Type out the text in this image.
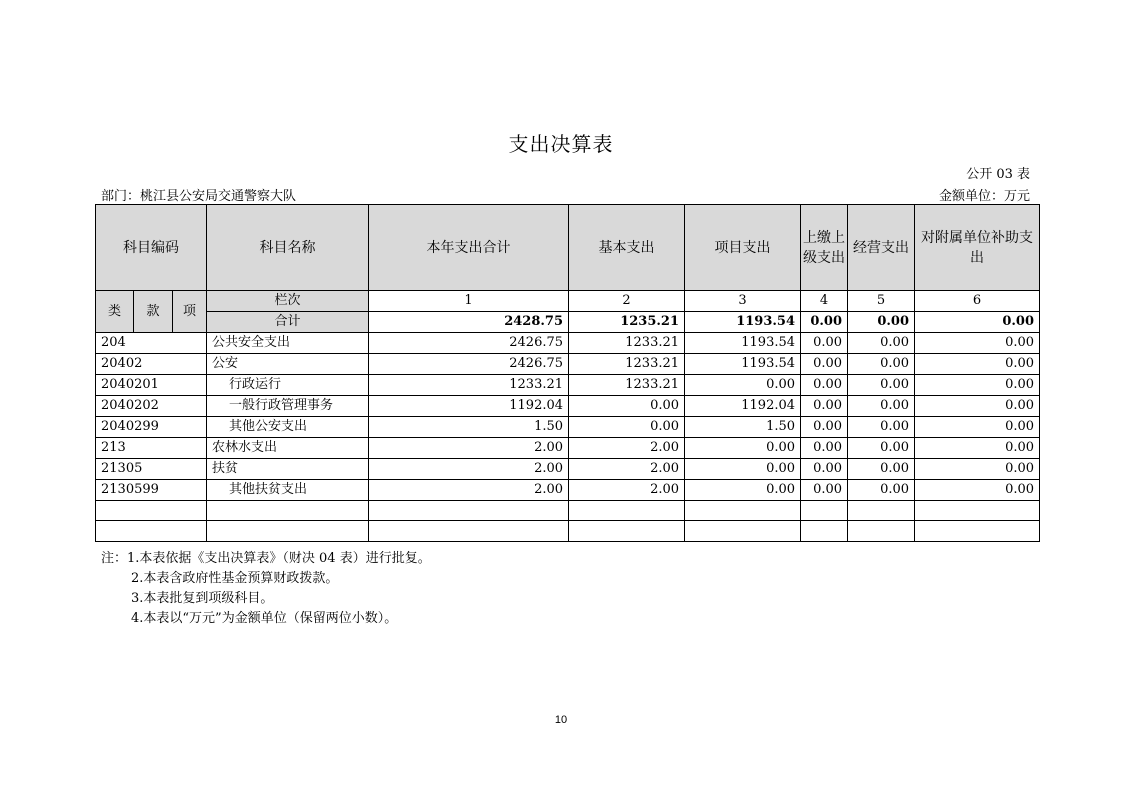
支出决算表
公开 03 表
部门：桃江县公安局交通警察大队	金额单位：万元
科目编码			科目名称	本年支出合计	基本支出	项目支出	上缴上级支出	经营支出	对附属单位补助支出
类	款	项	栏次	1	2	3	4	5	6
			合计	2428.75	1235.21	1193.54	0.00	0.00	0.00
204			公共安全支出	2426.75	1233.21	1193.54	0.00	0.00	0.00
20402			公安	2426.75	1233.21	1193.54	0.00	0.00	0.00
2040201			行政运行	1233.21	1233.21	0.00	0.00	0.00	0.00
2040202			一般行政管理事务	1192.04	0.00	1192.04	0.00	0.00	0.00
2040299			其他公安支出	1.50	0.00	1.50	0.00	0.00	0.00
213			农林水支出	2.00	2.00	0.00	0.00	0.00	0.00
21305			扶贫	2.00	2.00	0.00	0.00	0.00	0.00
2130599			其他扶贫支出	2.00	2.00	0.00	0.00	0.00	0.00

注：1.本表依据《支出决算表》（财决 04 表）进行批复。
2.本表含政府性基金预算财政拨款。
3.本表批复到项级科目。
4.本表以“万元”为金额单位（保留两位小数）。
10
